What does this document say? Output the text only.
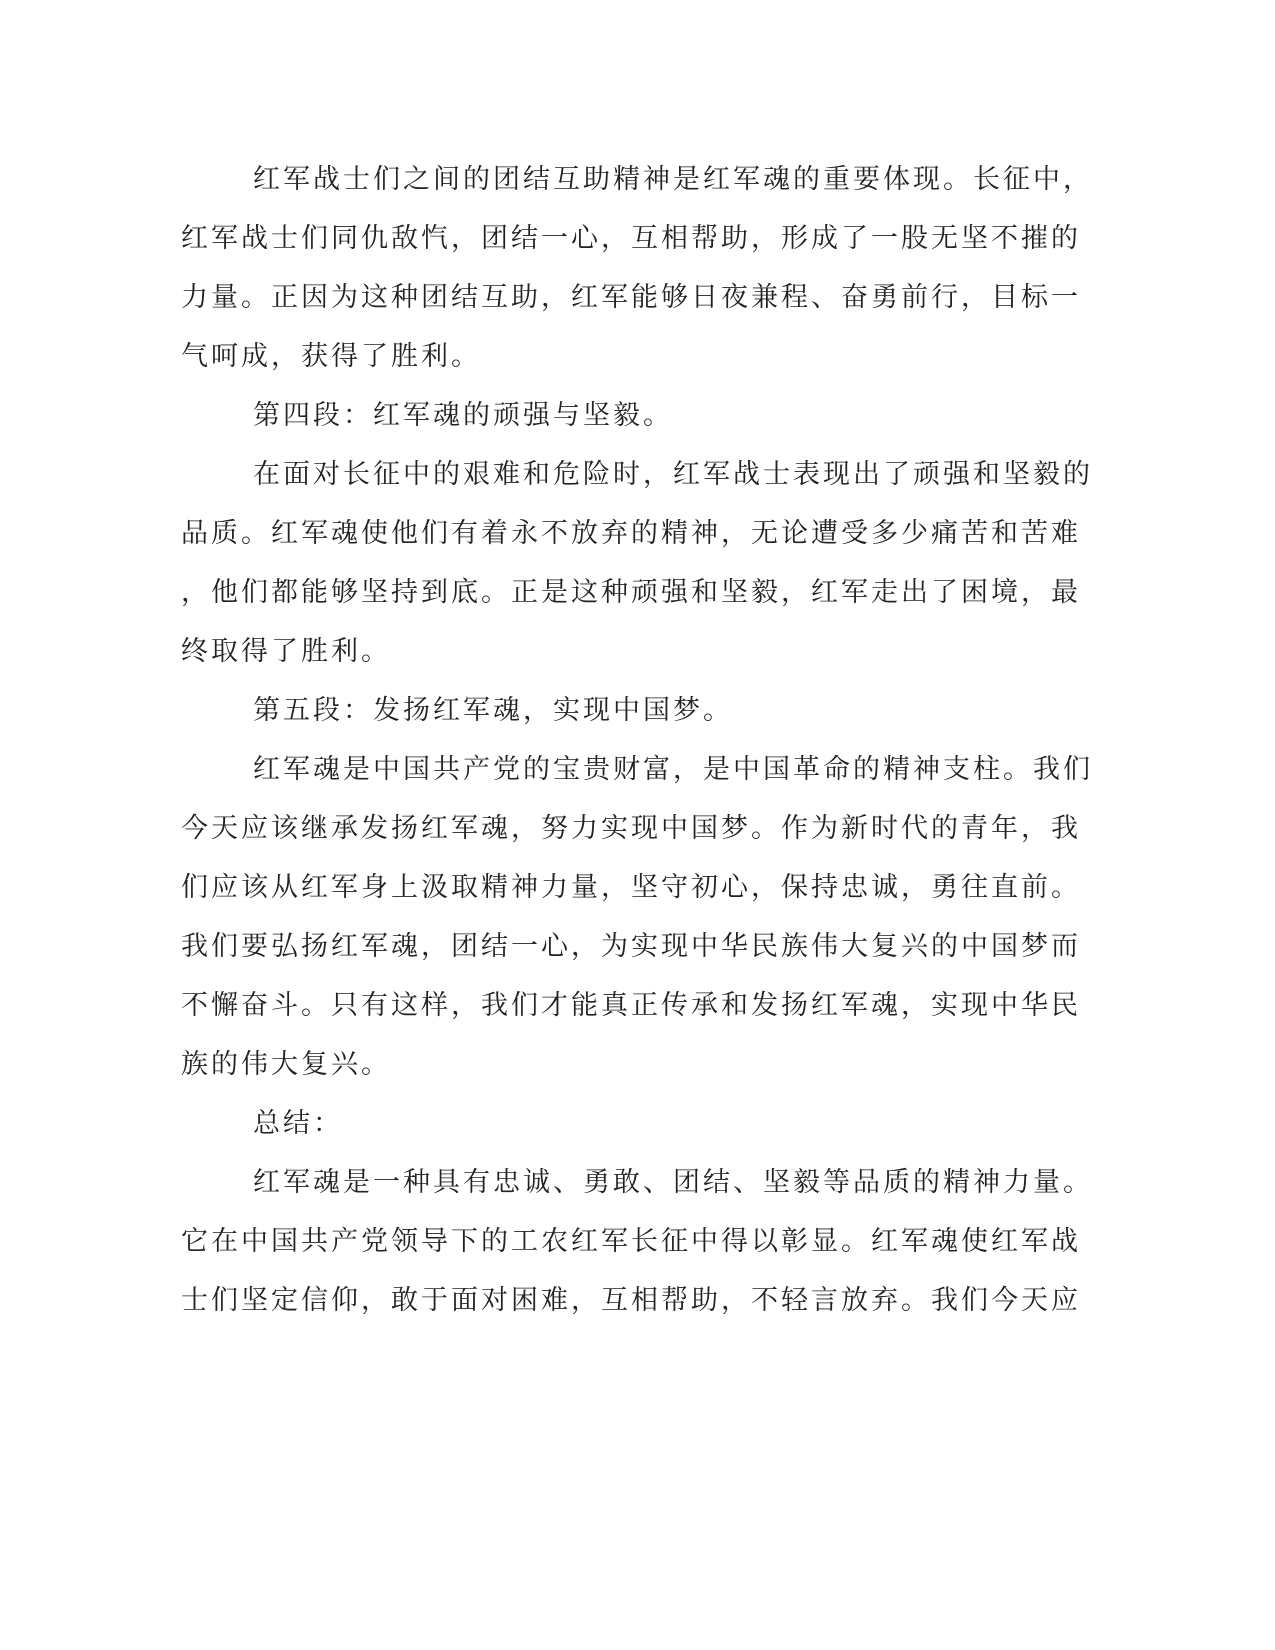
红军战士们之间的团结互助精神是红军魂的重要体现。长征中，
红军战士们同仇敌忾，团结一心，互相帮助，形成了一股无坚不摧的
力量。正因为这种团结互助，红军能够日夜兼程、奋勇前行，目标一
气呵成，获得了胜利。
第四段：红军魂的顽强与坚毅。
在面对长征中的艰难和危险时，红军战士表现出了顽强和坚毅的
品质。红军魂使他们有着永不放弃的精神，无论遭受多少痛苦和苦难
，他们都能够坚持到底。正是这种顽强和坚毅，红军走出了困境，最
终取得了胜利。
第五段：发扬红军魂，实现中国梦。
红军魂是中国共产党的宝贵财富，是中国革命的精神支柱。我们
今天应该继承发扬红军魂，努力实现中国梦。作为新时代的青年，我
们应该从红军身上汲取精神力量，坚守初心，保持忠诚，勇往直前。
我们要弘扬红军魂，团结一心，为实现中华民族伟大复兴的中国梦而
不懈奋斗。只有这样，我们才能真正传承和发扬红军魂，实现中华民
族的伟大复兴。
总结：
红军魂是一种具有忠诚、勇敢、团结、坚毅等品质的精神力量。
它在中国共产党领导下的工农红军长征中得以彰显。红军魂使红军战
士们坚定信仰，敢于面对困难，互相帮助，不轻言放弃。我们今天应
